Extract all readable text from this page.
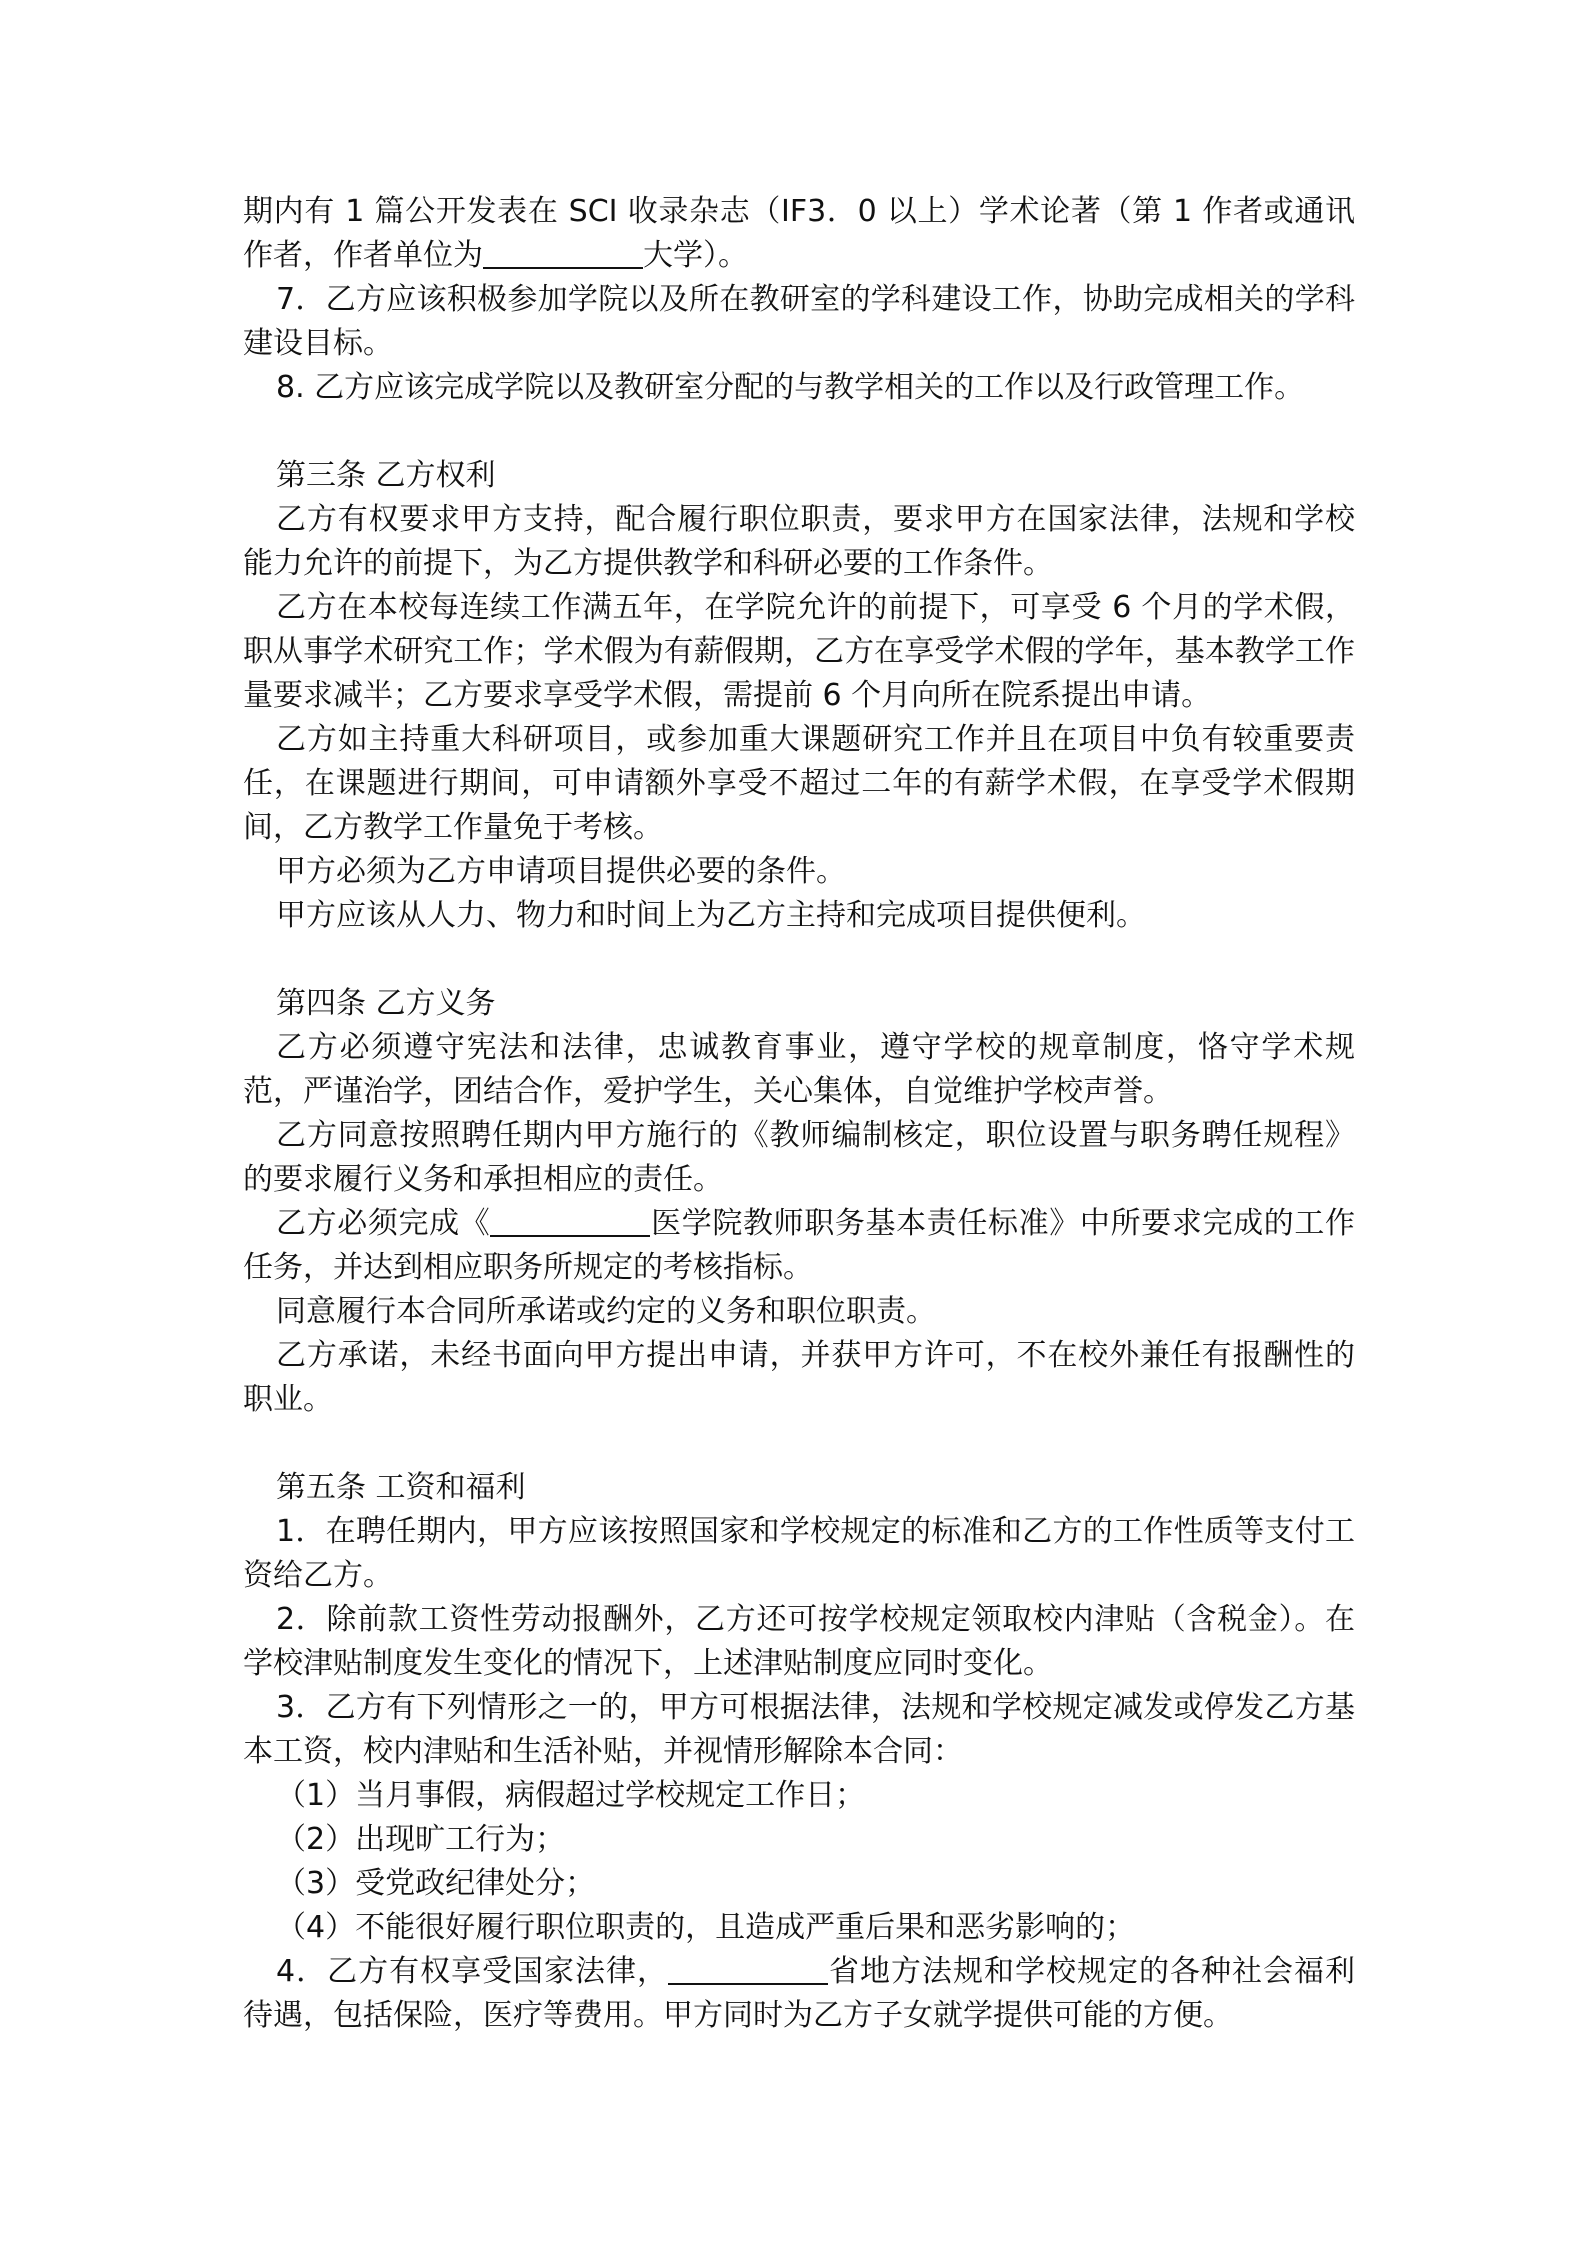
期内有 1 篇公开发表在 SCI 收录杂志（IF3．0 以上）学术论著（第 1 作者或通讯作者，作者单位为	大学）。

7．乙方应该积极参加学院以及所在教研室的学科建设工作，协助完成相关的学科建设目标。

8. 乙方应该完成学院以及教研室分配的与教学相关的工作以及行政管理工作。

第三条 乙方权利

乙方有权要求甲方支持，配合履行职位职责，要求甲方在国家法律，法规和学校能力允许的前提下，为乙方提供教学和科研必要的工作条件。

乙方在本校每连续工作满五年，在学院允许的前提下，可享受 6 个月的学术假，职从事学术研究工作；学术假为有薪假期，乙方在享受学术假的学年，基本教学工作量要求减半；乙方要求享受学术假，需提前 6 个月向所在院系提出申请。

乙方如主持重大科研项目，或参加重大课题研究工作并且在项目中负有较重要责任，在课题进行期间，可申请额外享受不超过二年的有薪学术假，在享受学术假期间，乙方教学工作量免于考核。

甲方必须为乙方申请项目提供必要的条件。

甲方应该从人力、物力和时间上为乙方主持和完成项目提供便利。

第四条 乙方义务

乙方必须遵守宪法和法律，忠诚教育事业，遵守学校的规章制度，恪守学术规范，严谨治学，团结合作，爱护学生，关心集体，自觉维护学校声誉。

乙方同意按照聘任期内甲方施行的《教师编制核定，职位设置与职务聘任规程》的要求履行义务和承担相应的责任。

乙方必须完成《	医学院教师职务基本责任标准》中所要求完成的工作任务，并达到相应职务所规定的考核指标。

同意履行本合同所承诺或约定的义务和职位职责。

乙方承诺，未经书面向甲方提出申请，并获甲方许可，不在校外兼任有报酬性的职业。

第五条 工资和福利

1．在聘任期内，甲方应该按照国家和学校规定的标准和乙方的工作性质等支付工资给乙方。

2．除前款工资性劳动报酬外，乙方还可按学校规定领取校内津贴（含税金）。在学校津贴制度发生变化的情况下，上述津贴制度应同时变化。

3．乙方有下列情形之一的，甲方可根据法律，法规和学校规定减发或停发乙方基本工资，校内津贴和生活补贴，并视情形解除本合同：

（1）当月事假，病假超过学校规定工作日；

（2）出现旷工行为；

（3）受党政纪律处分；

（4）不能很好履行职位职责的，且造成严重后果和恶劣影响的；

4．乙方有权享受国家法律，	省地方法规和学校规定的各种社会福利待遇，包括保险，医疗等费用。甲方同时为乙方子女就学提供可能的方便。
